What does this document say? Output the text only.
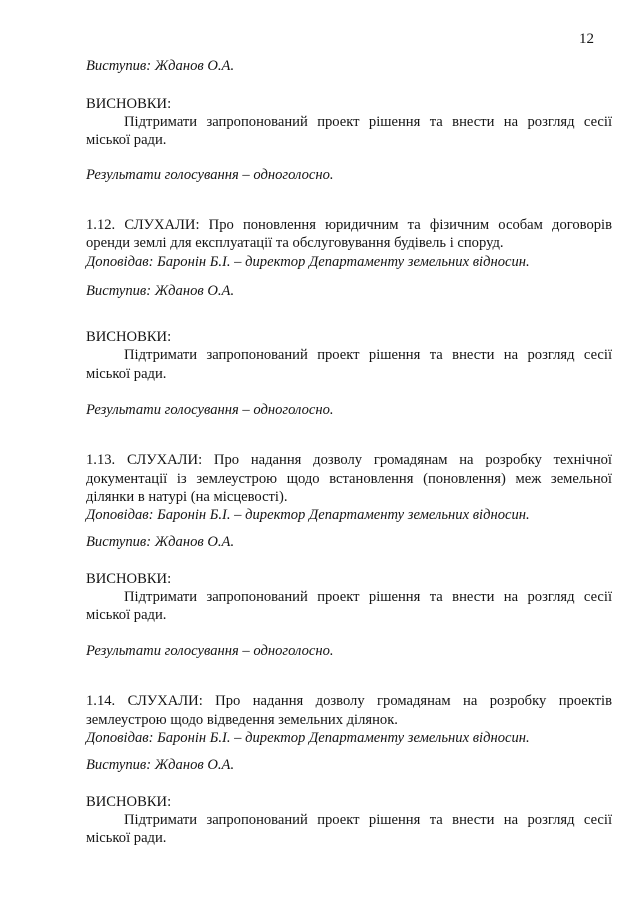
12
Виступив: Жданов О.А.
ВИСНОВКИ:
Підтримати запропонований проект рішення та внести на розгляд сесії
міської ради.
Результати голосування – одноголосно.
1.12. СЛУХАЛИ: Про поновлення юридичним та фізичним особам договорів
оренди землі для експлуатації та обслуговування будівель і споруд.
Доповідав: Баронін Б.І. – директор Департаменту земельних відносин.
Виступив: Жданов О.А.
ВИСНОВКИ:
Підтримати запропонований проект рішення та внести на розгляд сесії
міської ради.
Результати голосування – одноголосно.
1.13. СЛУХАЛИ: Про надання дозволу громадянам на розробку технічної
документації із землеустрою щодо встановлення (поновлення) меж земельної
ділянки в натурі (на місцевості).
Доповідав: Баронін Б.І. – директор Департаменту земельних відносин.
Виступив: Жданов О.А.
ВИСНОВКИ:
Підтримати запропонований проект рішення та внести на розгляд сесії
міської ради.
Результати голосування – одноголосно.
1.14. СЛУХАЛИ: Про надання дозволу громадянам на розробку проектів
землеустрою щодо відведення земельних ділянок.
Доповідав: Баронін Б.І. – директор Департаменту земельних відносин.
Виступив: Жданов О.А.
ВИСНОВКИ:
Підтримати запропонований проект рішення та внести на розгляд сесії
міської ради.
